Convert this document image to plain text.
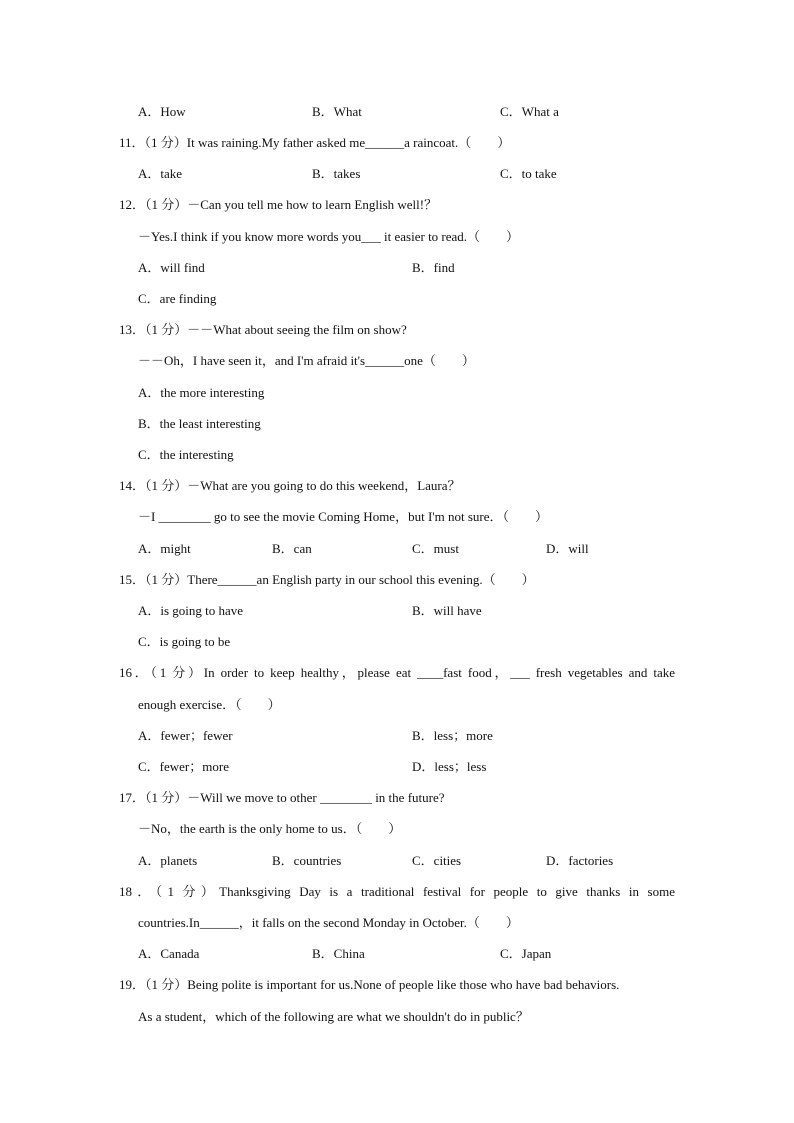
A．How	B．What	C．What a
11．（1 分）It was raining.My father asked me______a raincoat.（　　）
A．take	B．takes	C．to take
12．（1 分）－Can you tell me how to learn English well!？
－Yes.I think if you know more words you___ it easier to read.（　　）
A．will find	B．find
C．are finding
13．（1 分）－－What about seeing the film on show?
－－Oh，I have seen it，and I'm afraid it's______one（　　）
A．the more interesting
B．the least interesting
C．the interesting
14．（1 分）－What are you going to do this weekend，Laura？
－I ________ go to see the movie Coming Home，but I'm not sure．（　　）
A．might	B．can	C．must	D．will
15．（1 分）There______an English party in our school this evening.（　　）
A．is going to have	B．will have
C．is going to be
16．（1 分）In order to keep healthy，please eat ____fast food，___ fresh vegetables and take
enough exercise．（　　）
A．fewer；fewer	B．less；more
C．fewer；more	D．less；less
17．（1 分）－Will we move to other ________ in the future?
－No，the earth is the only home to us．（　　）
A．planets	B．countries	C．cities	D．factories
18．（1 分）Thanksgiving Day is a traditional festival for people to give thanks in some
countries.In______，it falls on the second Monday in October.（　　）
A．Canada	B．China	C．Japan
19．（1 分）Being polite is important for us.None of people like those who have bad behaviors.
As a student，which of the following are what we shouldn't do in public？
